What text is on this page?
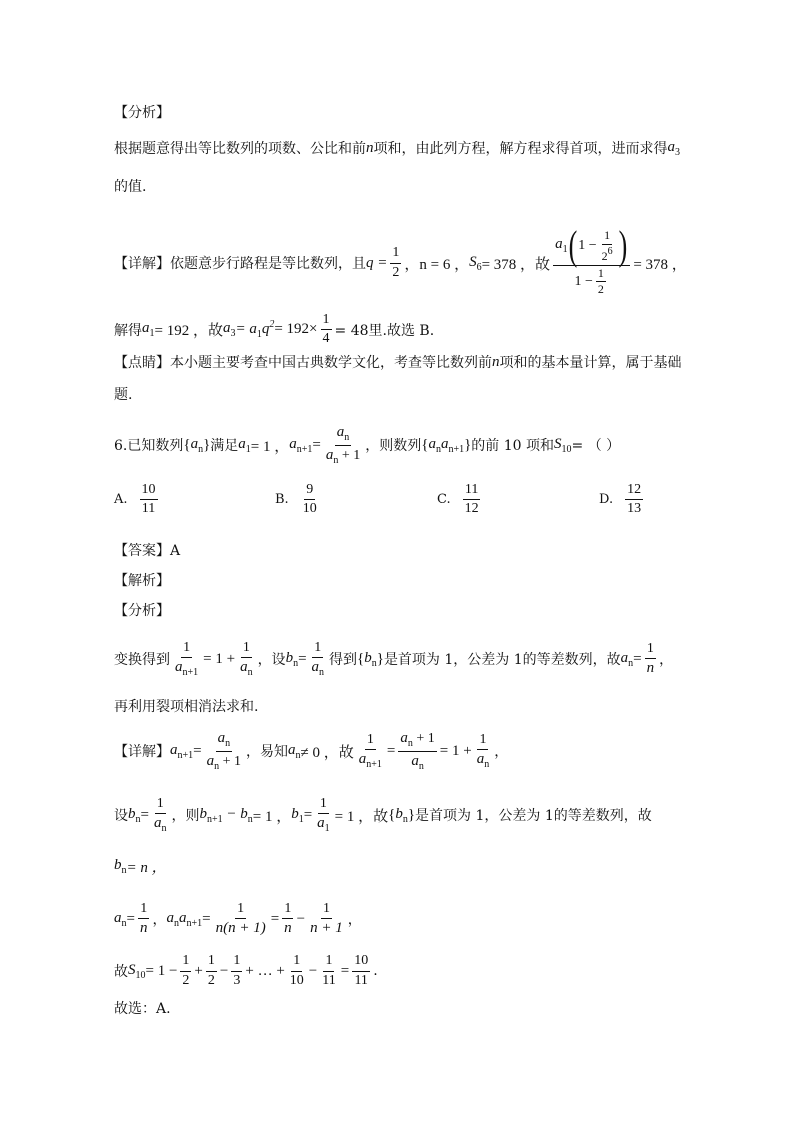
【分析】
根据题意得出等比数列的项数、公比和前 n 项和，由此列方程，解方程求得首项，进而求得 $a_3$
的值.
【详解】 依题意步行路程是等比数列，且 $q = \frac{1}{2}$ ，n = 6 ， $S_6 = 378$ ，故 $\frac{a_1 ( 1 - \frac{1}{2^6} )}{1 - \frac{1}{2}} = 378$ ，
解得 $a_1 = 192$ ，故 $a_3 = a_1q^2 = 192\times \frac{1}{4} = 48$里.故选 B.
【点睛】 本小题主要考查中国古典数学文化，考查等比数列前 n 项和的基本量计算，属于基础
题.
6.已知数列 { $a_n$ } 满足 $a_1 = 1$ ， $a_{n+1} = \frac{a_n}{a_n + 1}$ ，则数列 { $a_na_{n+1}$ } 的前 10 项和 $S_{10}$ = （ ）
A. $\frac{10}{11}$	B. $\frac{9}{10}$	C. $\frac{11}{12}$	D. $\frac{12}{13}$
【答案】A
【解析】
【分析】
变换得到 $\frac{1}{a_{n+1}} = 1 + \frac{1}{a_n}$ ，设 $b_n = \frac{1}{a_n}$ 得到 { $b_n$ } 是首项为 1，公差为 1的等差数列，故 $a_n = \frac{1}{n}$ ，
再利用裂项相消法求和.
【详解】 $a_{n+1} = \frac{a_n}{a_n + 1}$ ，易知 $a_n \ne 0$ ，故 $\frac{1}{a_{n+1}} = \frac{a_n + 1}{a_n} = 1 + \frac{1}{a_n}$ ，
设 $b_n = \frac{1}{a_n}$ ，则 $b_{n+1} - b_n = 1$ ， $b_1 = \frac{1}{a_1} = 1$ ，故 { $b_n$ } 是首项为 1，公差为 1的等差数列，故
$b_n = n$ ，
$a_n = \frac{1}{n}$ ， $a_na_{n+1} = \frac{1}{n(n + 1)} = \frac{1}{n} - \frac{1}{n + 1}$ ，
故 $S_{10} = 1 - \frac{1}{2} + \frac{1}{2} - \frac{1}{3}$ + … + $\frac{1}{10} - \frac{1}{11} = \frac{10}{11}$ .
故选：A.
